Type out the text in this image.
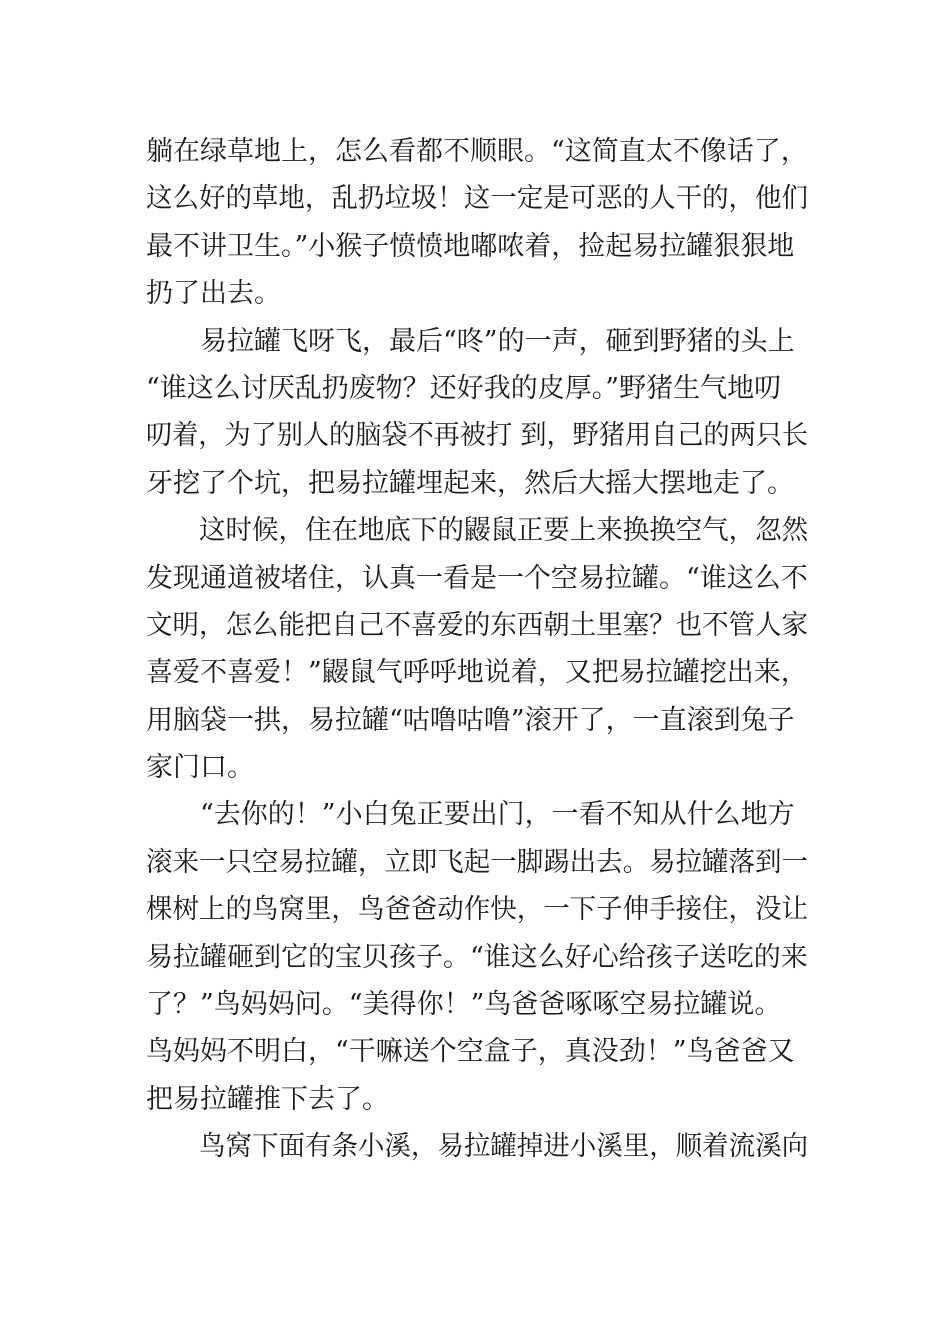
躺在绿草地上，怎么看都不顺眼。“这简直太不像话了，
这么好的草地，乱扔垃圾！这一定是可恶的人干的，他们
最不讲卫生。”小猴子愤愤地嘟哝着，捡起易拉罐狠狠地
扔了出去。
易拉罐飞呀飞，最后“咚”的一声，砸到野猪的头上
“谁这么讨厌乱扔废物？还好我的皮厚。”野猪生气地叨
叨着，为了别人的脑袋不再被打 到，野猪用自己的两只长
牙挖了个坑，把易拉罐埋起来，然后大摇大摆地走了。
这时候，住在地底下的鼹鼠正要上来换换空气，忽然
发现通道被堵住，认真一看是一个空易拉罐。“谁这么不
文明，怎么能把自己不喜爱的东西朝土里塞？也不管人家
喜爱不喜爱！”鼹鼠气呼呼地说着，又把易拉罐挖出来，
用脑袋一拱，易拉罐“咕噜咕噜”滚开了，一直滚到兔子
家门口。
“去你的！”小白兔正要出门，一看不知从什么地方
滚来一只空易拉罐，立即飞起一脚踢出去。易拉罐落到一
棵树上的鸟窝里，鸟爸爸动作快，一下子伸手接住，没让
易拉罐砸到它的宝贝孩子。“谁这么好心给孩子送吃的来
了？”鸟妈妈问。“美得你！”鸟爸爸啄啄空易拉罐说。
鸟妈妈不明白，“干嘛送个空盒子，真没劲！”鸟爸爸又
把易拉罐推下去了。
鸟窝下面有条小溪，易拉罐掉进小溪里，顺着流溪向
